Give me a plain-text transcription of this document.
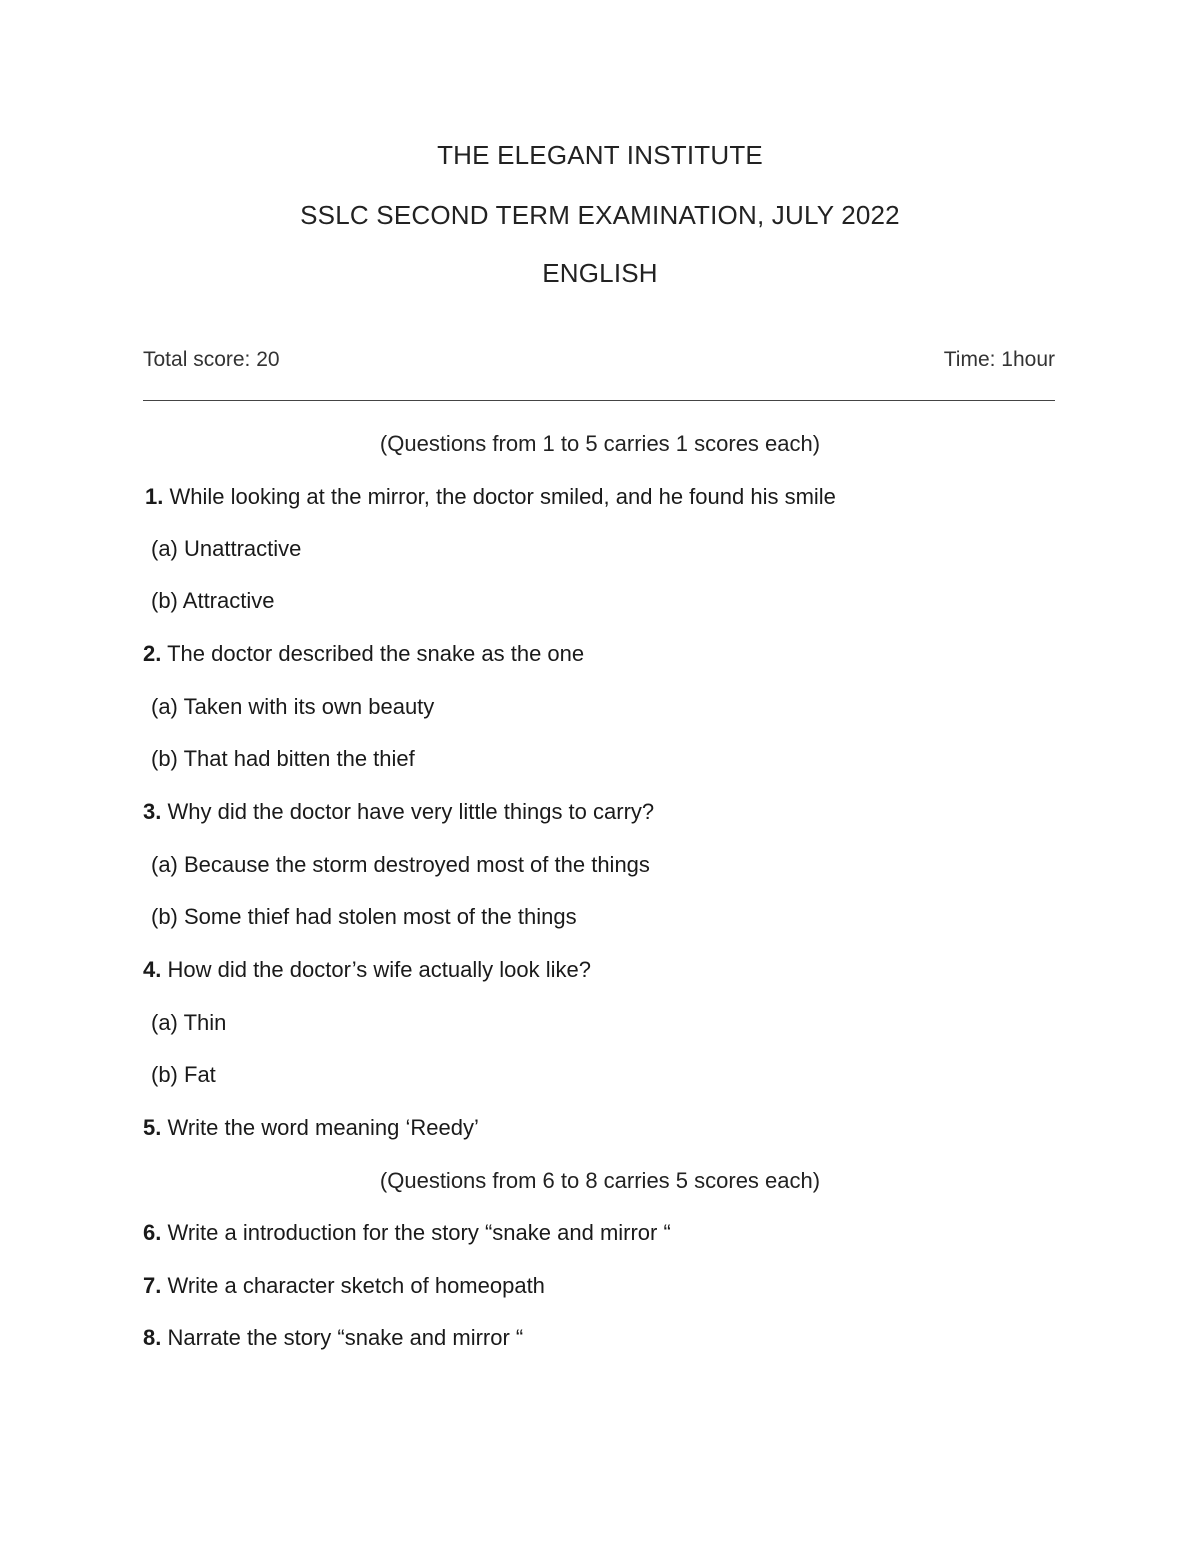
THE ELEGANT INSTITUTE
SSLC SECOND TERM EXAMINATION, JULY 2022
ENGLISH
Total score: 20	Time: 1hour
(Questions from 1 to 5 carries 1 scores each)
1. While looking at the mirror, the doctor smiled, and he found his smile
(a) Unattractive
(b) Attractive
2. The doctor described the snake as the one
(a) Taken with its own beauty
(b) That had bitten the thief
3. Why did the doctor have very little things to carry?
(a) Because the storm destroyed most of the things
(b) Some thief had stolen most of the things
4. How did the doctor’s wife actually look like?
(a) Thin
(b) Fat
5. Write the word meaning ‘Reedy’
(Questions from 6 to 8 carries 5 scores each)
6. Write a introduction for the story “snake and mirror “
7. Write a character sketch of homeopath
8. Narrate the story “snake and mirror “
